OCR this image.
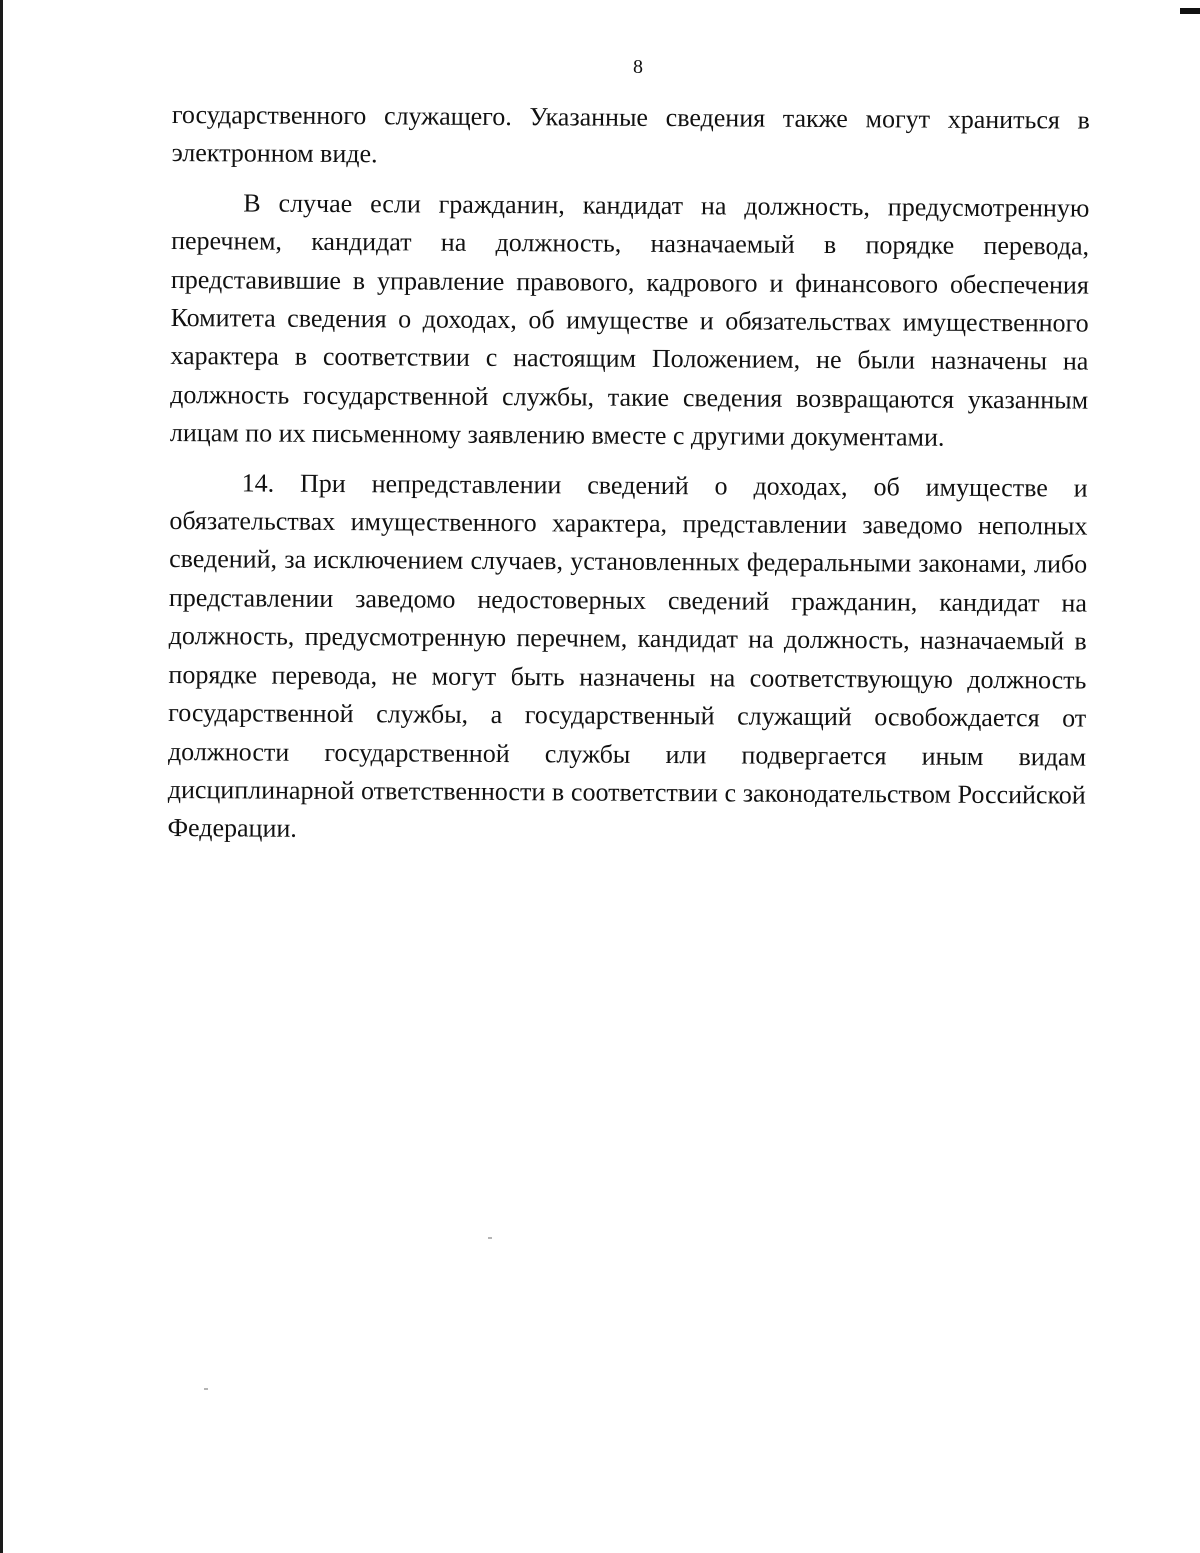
8

государственного служащего. Указанные сведения также могут храниться в электронном виде.

В случае если гражданин, кандидат на должность, предусмотренную перечнем, кандидат на должность, назначаемый в порядке перевода, представившие в управление правового, кадрового и финансового обеспечения Комитета сведения о доходах, об имуществе и обязательствах имущественного характера в соответствии с настоящим Положением, не были назначены на должность государственной службы, такие сведения возвращаются указанным лицам по их письменному заявлению вместе с другими документами.

14. При непредставлении сведений о доходах, об имуществе и обязательствах имущественного характера, представлении заведомо неполных сведений, за исключением случаев, установленных федеральными законами, либо представлении заведомо недостоверных сведений гражданин, кандидат на должность, предусмотренную перечнем, кандидат на должность, назначаемый в порядке перевода, не могут быть назначены на соответствующую должность государственной службы, а государственный служащий освобождается от должности государственной службы или подвергается иным видам дисциплинарной ответственности в соответствии с законодательством Российской Федерации.
